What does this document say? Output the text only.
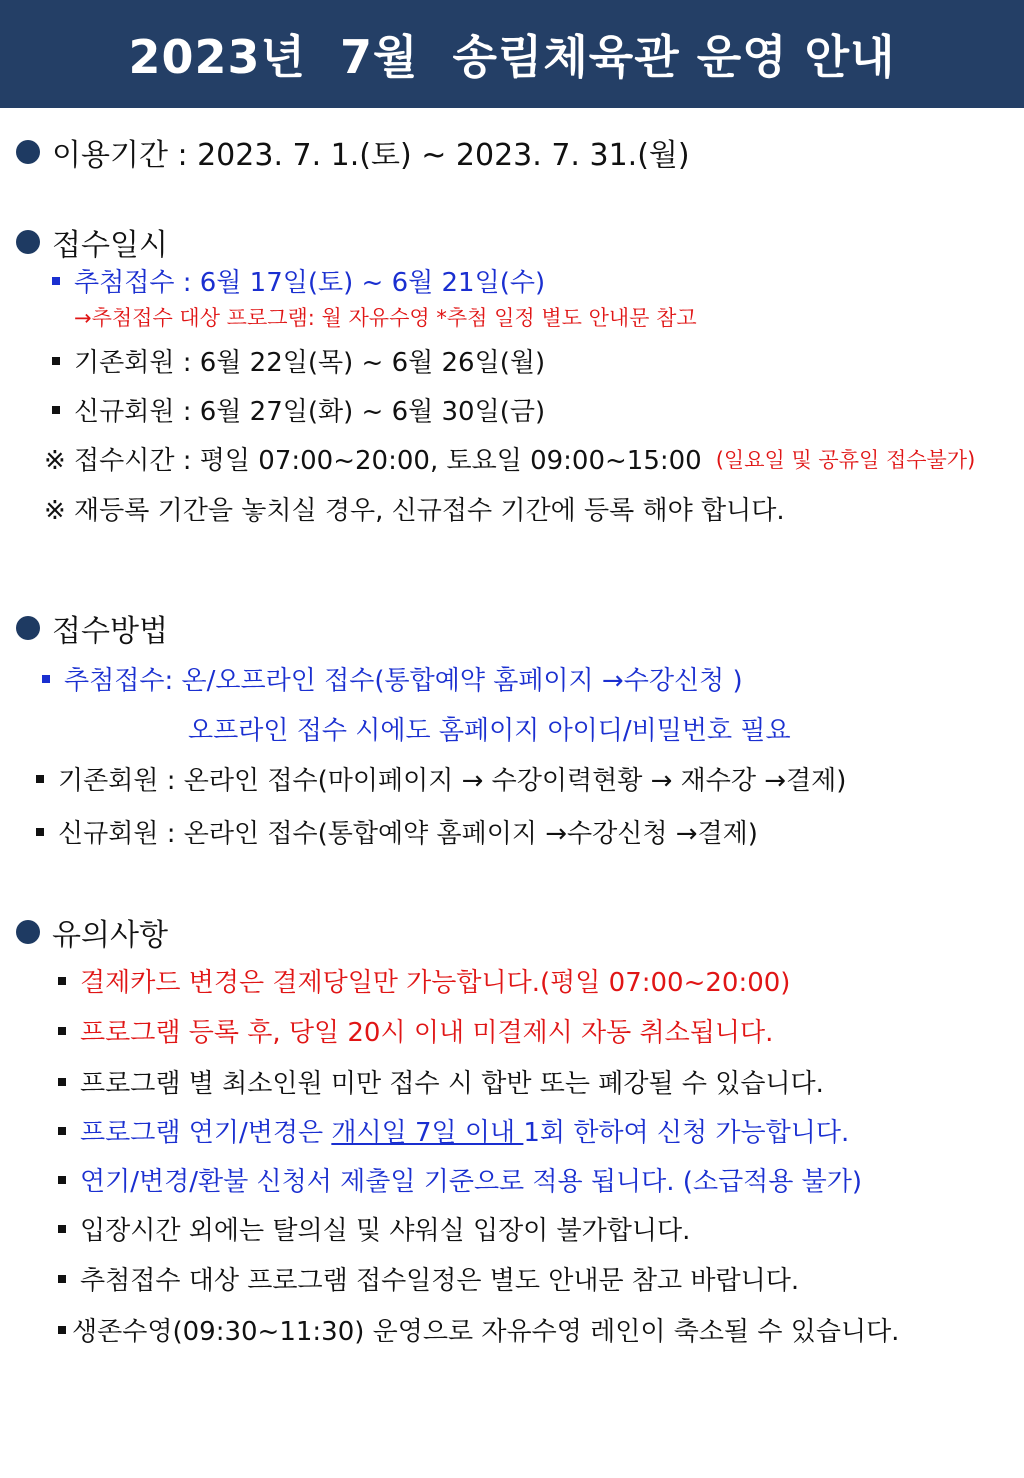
2023년  7월  송림체육관 운영 안내
이용기간 : 2023. 7. 1.(토) ~ 2023. 7. 31.(월)
접수일시
추첨접수 : 6월 17일(토) ~ 6월 21일(수)
→추첨접수 대상 프로그램: 월 자유수영 *추첨 일정 별도 안내문 참고
기존회원 : 6월 22일(목) ~ 6월 26일(월)
신규회원 : 6월 27일(화) ~ 6월 30일(금)
※ 접수시간 : 평일 07:00~20:00, 토요일 09:00~15:00 (일요일 및 공휴일 접수불가)
※ 재등록 기간을 놓치실 경우, 신규접수 기간에 등록 해야 합니다.
접수방법
추첨접수: 온/오프라인 접수(통합예약 홈페이지 →수강신청 )
오프라인 접수 시에도 홈페이지 아이디/비밀번호 필요
기존회원 : 온라인 접수(마이페이지 → 수강이력현황 → 재수강 →결제)
신규회원 : 온라인 접수(통합예약 홈페이지 →수강신청 →결제)
유의사항
결제카드 변경은 결제당일만 가능합니다.(평일 07:00~20:00)
프로그램 등록 후, 당일 20시 이내 미결제시 자동 취소됩니다.
프로그램 별 최소인원 미만 접수 시 합반 또는 폐강될 수 있습니다.
프로그램 연기/변경은 개시일 7일 이내 1회 한하여 신청 가능합니다.
연기/변경/환불 신청서 제출일 기준으로 적용 됩니다. (소급적용 불가)
입장시간 외에는 탈의실 및 샤워실 입장이 불가합니다.
추첨접수 대상 프로그램 접수일정은 별도 안내문 참고 바랍니다.
생존수영(09:30~11:30) 운영으로 자유수영 레인이 축소될 수 있습니다.
